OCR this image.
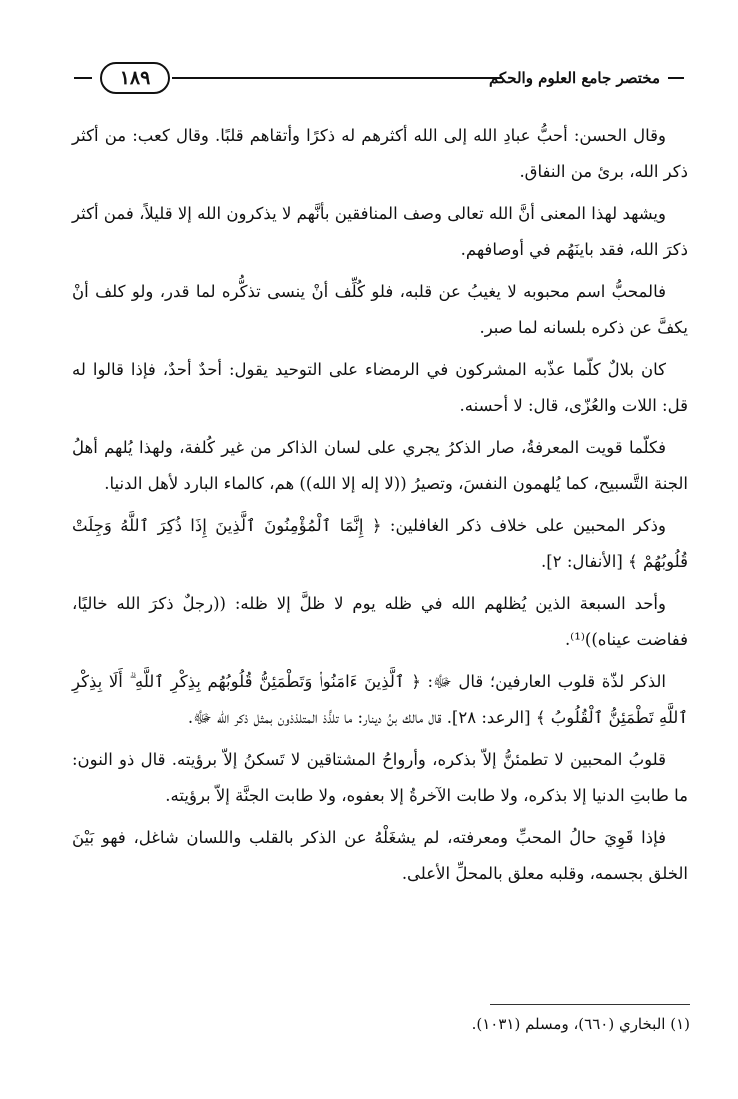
١٨٩	مختصر جامع العلوم والحكم

وقال الحسن: أحبُّ عبادِ الله إلى الله أكثرهم له ذكرًا وأتقاهم قلبًا. وقال كعب: من أكثر ذكر الله، برئ من النفاق.

ويشهد لهذا المعنى أنَّ الله تعالى وصف المنافقين بأنَّهم لا يذكرون الله إلا قليلاً، فمن أكثر ذكرَ الله، فقد باينَهُم في أوصافهم.

فالمحبُّ اسم محبوبه لا يغيبُ عن قلبه، فلو كُلِّف أنْ ينسى تذكُّره لما قدر، ولو كلف أنْ يكفَّ عن ذكره بلسانه لما صبر.

كان بلالٌ كلّما عذّبه المشركون في الرمضاء على التوحيد يقول: أحدٌ أحدٌ، فإذا قالوا له قل: اللات والعُزّى، قال: لا أحسنه.

فكلّما قويت المعرفةُ، صار الذكرُ يجري على لسان الذاكر من غير كُلفة، ولهذا يُلهم أهلُ الجنة التَّسبيح، كما يُلهمون النفسَ، وتصيرُ ((لا إله إلا الله)) هم، كالماء البارد لأهل الدنيا.

وذكر المحبين على خلاف ذكر الغافلين: ﴿ إِنَّمَا ٱلْمُؤْمِنُونَ ٱلَّذِينَ إِذَا ذُكِرَ ٱللَّهُ وَجِلَتْ قُلُوبُهُمْ ﴾ [الأنفال: ٢].

وأحد السبعة الذين يُظلهم الله في ظله يوم لا ظلَّ إلا ظله: ((رجلٌ ذكرَ الله خاليًا، ففاضت عيناه))⁽¹⁾.

الذكر لذّة قلوب العارفين؛ قال ﷻ: ﴿ ٱلَّذِينَ ءَامَنُوا۟ وَتَطْمَئِنُّ قُلُوبُهُم بِذِكْرِ ٱللَّهِ ۗ أَلَا بِذِكْرِ ٱللَّهِ تَطْمَئِنُّ ٱلْقُلُوبُ ﴾ [الرعد: ٢٨]. قال مالك بنُ دينار: ما تلذَّذ المتلذذون بمثل ذكر الله ﷻ.

قلوبُ المحبين لا تطمئنُّ إلاّ بذكره، وأرواحُ المشتاقين لا تَسكنُ إلاّ برؤيته. قال ذو النون: ما طابتِ الدنيا إلا بذكره، ولا طابت الآخرةُ إلا بعفوه، ولا طابت الجنَّة إلاّ برؤيته.

فإذا قَوِيَ حالُ المحبِّ ومعرفته، لم يشغَلْهُ عن الذكر بالقلب واللسان شاغل، فهو بَيْنَ الخلق بجسمه، وقلبه معلق بالمحلِّ الأعلى.

(١) البخاري (٦٦٠)، ومسلم (١٠٣١).
